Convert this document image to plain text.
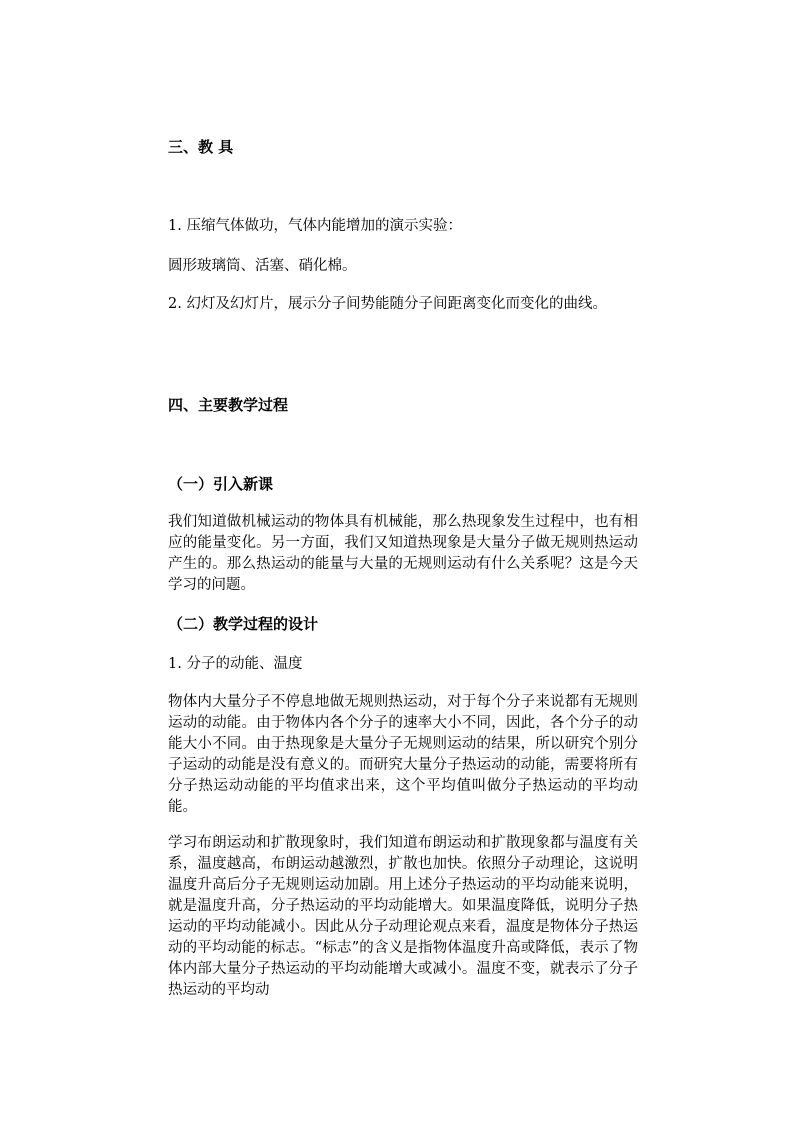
三、教 具
1. 压缩气体做功，气体内能增加的演示实验：
圆形玻璃筒、活塞、硝化棉。
2. 幻灯及幻灯片，展示分子间势能随分子间距离变化而变化的曲线。
四、主要教学过程
（一）引入新课
我们知道做机械运动的物体具有机械能，那么热现象发生过程中，也有相应的能量变化。另一方面，我们又知道热现象是大量分子做无规则热运动产生的。那么热运动的能量与大量的无规则运动有什么关系呢？这是今天学习的问题。
（二）教学过程的设计
1. 分子的动能、温度
物体内大量分子不停息地做无规则热运动，对于每个分子来说都有无规则运动的动能。由于物体内各个分子的速率大小不同，因此，各个分子的动能大小不同。由于热现象是大量分子无规则运动的结果，所以研究个别分子运动的动能是没有意义的。而研究大量分子热运动的动能，需要将所有分子热运动动能的平均值求出来，这个平均值叫做分子热运动的平均动能。
学习布朗运动和扩散现象时，我们知道布朗运动和扩散现象都与温度有关系，温度越高，布朗运动越激烈，扩散也加快。依照分子动理论，这说明温度升高后分子无规则运动加剧。用上述分子热运动的平均动能来说明，就是温度升高，分子热运动的平均动能增大。如果温度降低，说明分子热运动的平均动能减小。因此从分子动理论观点来看，温度是物体分子热运动的平均动能的标志。“标志”的含义是指物体温度升高或降低，表示了物体内部大量分子热运动的平均动能增大或减小。温度不变，就表示了分子热运动的平均动
